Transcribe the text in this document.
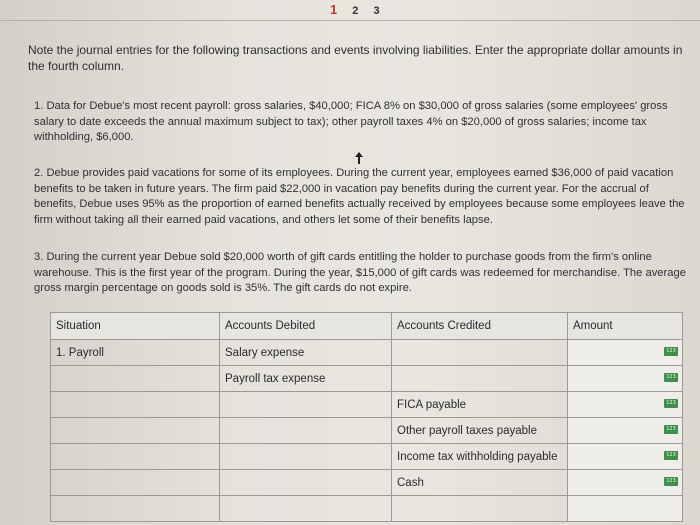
1 2 3
Note the journal entries for the following transactions and events involving liabilities. Enter the appropriate dollar amounts in the fourth column.
1. Data for Debue's most recent payroll: gross salaries, $40,000; FICA 8% on $30,000 of gross salaries (some employees' gross salary to date exceeds the annual maximum subject to tax); other payroll taxes 4% on $20,000 of gross salaries; income tax withholding, $6,000.
2. Debue provides paid vacations for some of its employees. During the current year, employees earned $36,000 of paid vacation benefits to be taken in future years. The firm paid $22,000 in vacation pay benefits during the current year. For the accrual of benefits, Debue uses 95% as the proportion of earned benefits actually received by employees because some employees leave the firm without taking all their earned paid vacations, and others let some of their benefits lapse.
3. During the current year Debue sold $20,000 worth of gift cards entitling the holder to purchase goods from the firm's online warehouse. This is the first year of the program. During the year, $15,000 of gift cards was redeemed for merchandise. The average gross margin percentage on goods sold is 35%. The gift cards do not expire.
Situation	Accounts Debited	Accounts Credited	Amount
1. Payroll	Salary expense		123

	Payroll tax expense		123

		FICA payable	123

		Other payroll taxes payable	123

		Income tax withholding payable	123

		Cash	123
